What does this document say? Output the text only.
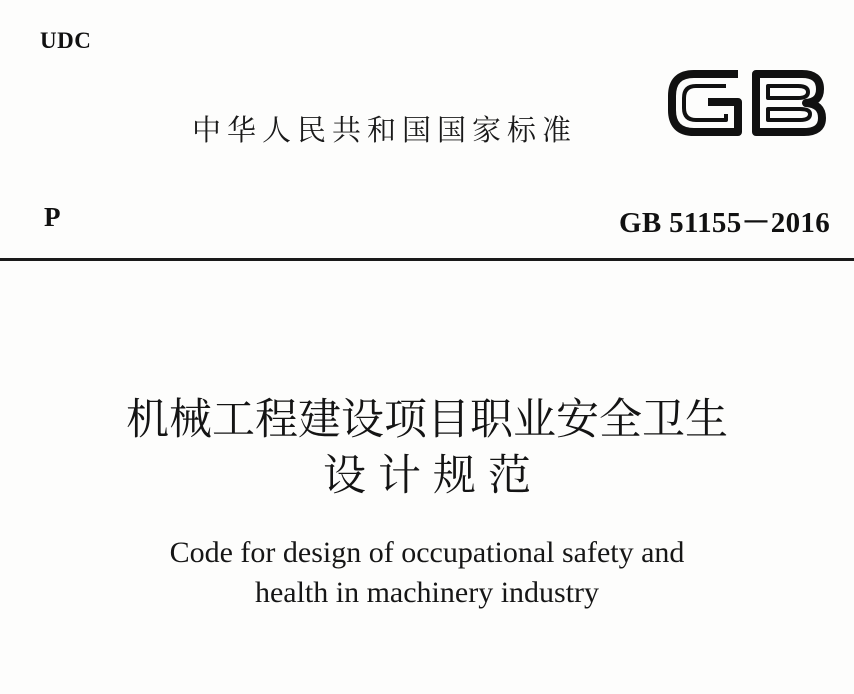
UDC
中华人民共和国国家标准
P	GB 51155－2016
机械工程建设项目职业安全卫生
设计规范
Code for design of occupational safety and
health in machinery industry
